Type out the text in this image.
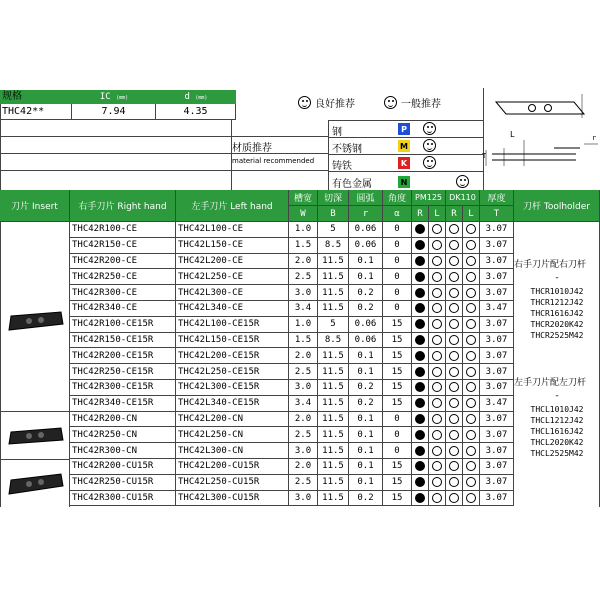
规格	IC (mm)	d (mm)
THC42**	7.94	4.35
良好推荐	一般推荐
材质推荐
material recommended
钢	P
不锈钢	M
铸铁	K
有色金属	N
L
T
r
刀片 Insert	右手刀片 Right hand	左手刀片 Left hand
槽宽	切深	圆弧	角度	PM125 DK110	厚度
刀杆 Toolholder
W	B	r	α	R	L	R	L	T
THC42R100-CE	THC42L100-CE	1.0	5	0.06	0	3.07
THC42R150-CE	THC42L150-CE	1.5	8.5	0.06	0	3.07
THC42R200-CE	THC42L200-CE	2.0	11.5	0.1	0	3.07
THC42R250-CE	THC42L250-CE	2.5	11.5	0.1	0	3.07
THC42R300-CE	THC42L300-CE	3.0	11.5	0.2	0	3.07
THC42R340-CE	THC42L340-CE	3.4	11.5	0.2	0	3.47
THC42R100-CE15R	THC42L100-CE15R	1.0	5	0.06	15	3.07
THC42R150-CE15R	THC42L150-CE15R	1.5	8.5	0.06	15	3.07
THC42R200-CE15R	THC42L200-CE15R	2.0	11.5	0.1	15	3.07
THC42R250-CE15R	THC42L250-CE15R	2.5	11.5	0.1	15	3.07
THC42R300-CE15R	THC42L300-CE15R	3.0	11.5	0.2	15	3.07
THC42R340-CE15R	THC42L340-CE15R	3.4	11.5	0.2	15	3.47
THC42R200-CN	THC42L200-CN	2.0	11.5	0.1	0	3.07
THC42R250-CN	THC42L250-CN	2.5	11.5	0.1	0	3.07
THC42R300-CN	THC42L300-CN	3.0	11.5	0.1	0	3.07
THC42R200-CU15R	THC42L200-CU15R	2.0	11.5	0.1	15	3.07
THC42R250-CU15R	THC42L250-CU15R	2.5	11.5	0.1	15	3.07
THC42R300-CU15R	THC42L300-CU15R	3.0	11.5	0.2	15	3.07
右手刀片配右刀杆
-
THCR1010J42
THCR1212J42
THCR1616J42
THCR2020K42
THCR2525M42
左手刀片配左刀杆
-
THCL1010J42
THCL1212J42
THCL1616J42
THCL2020K42
THCL2525M42
